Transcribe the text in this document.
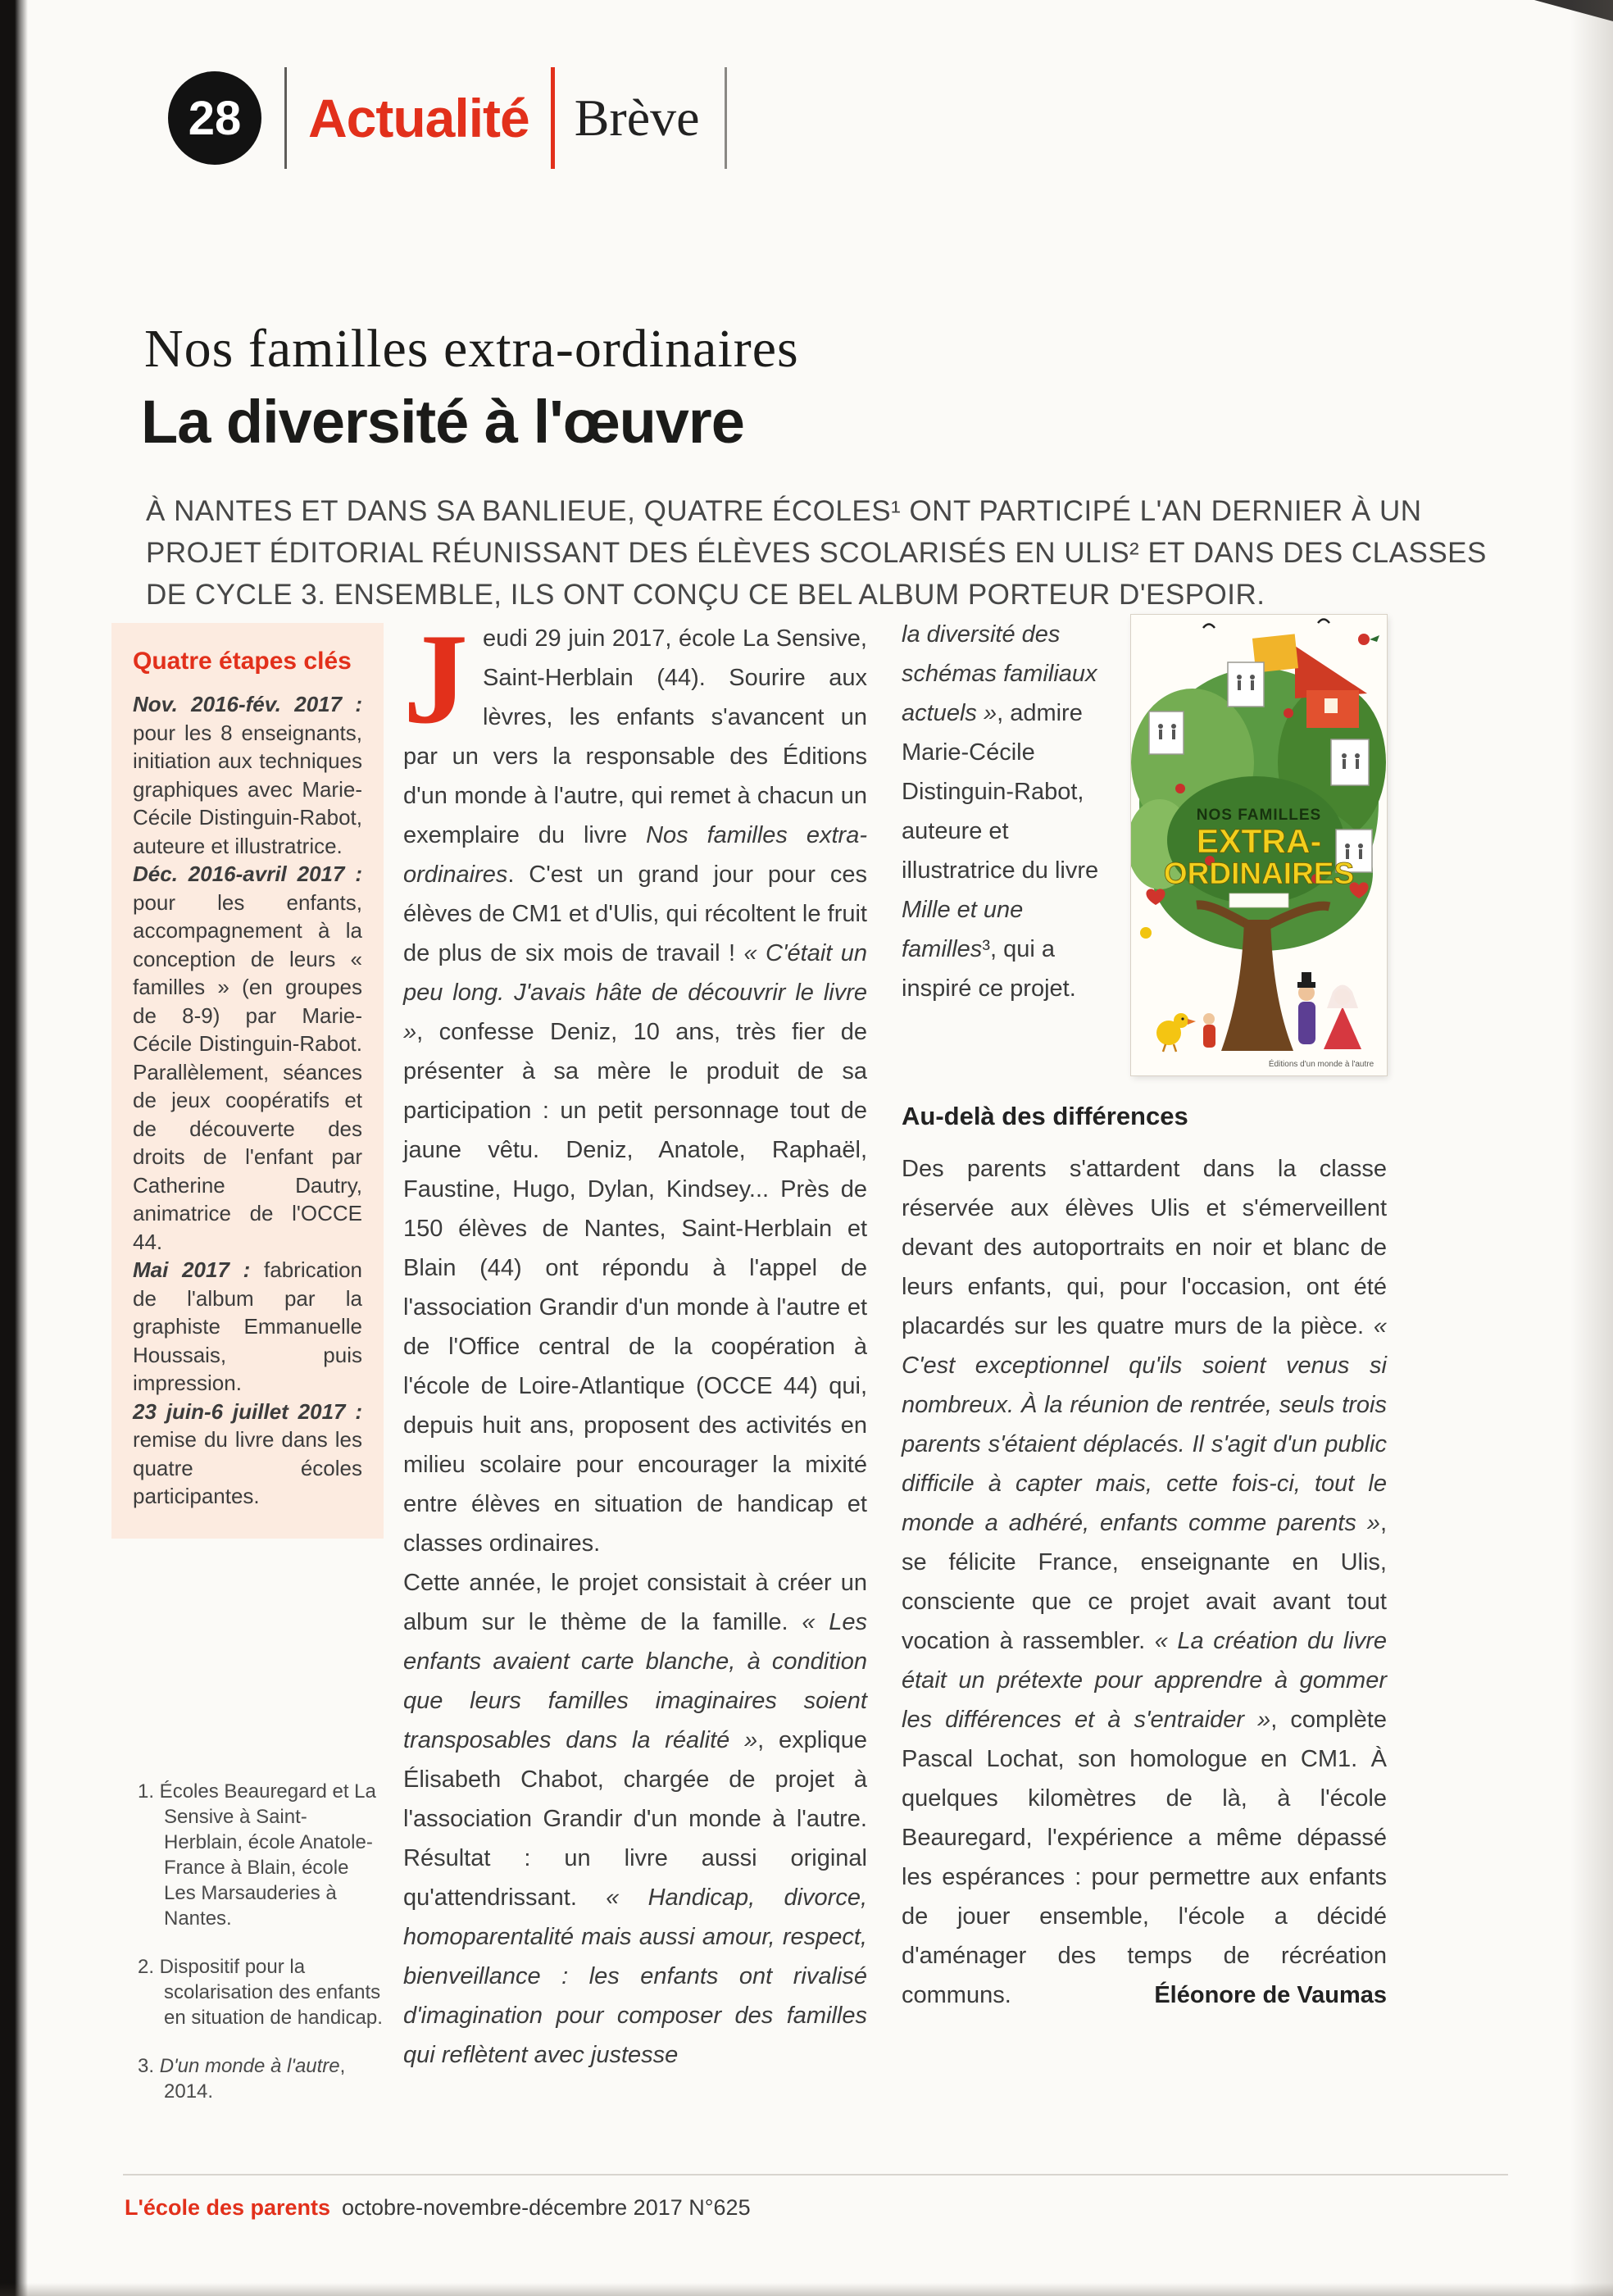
28 Actualité Brève
Nos familles extra-ordinaires
La diversité à l'œuvre

À NANTES ET DANS SA BANLIEUE, QUATRE ÉCOLES¹ ONT PARTICIPÉ L'AN DERNIER À UN PROJET ÉDITORIAL RÉUNISSANT DES ÉLÈVES SCOLARISÉS EN ULIS² ET DANS DES CLASSES DE CYCLE 3. ENSEMBLE, ILS ONT CONÇU CE BEL ALBUM PORTEUR D'ESPOIR.

Quatre étapes clés

Nov. 2016-fév. 2017 : pour les 8 enseignants, initiation aux techniques graphiques avec Marie-Cécile Distinguin-Rabot, auteure et illustratrice.

Déc. 2016-avril 2017 : pour les enfants, accompagnement à la conception de leurs « familles » (en groupes de 8-9) par Marie-Cécile Distinguin-Rabot. Parallèlement, séances de jeux coopératifs et de découverte des droits de l'enfant par Catherine Dautry, animatrice de l'OCCE 44.

Mai 2017 : fabrication de l'album par la graphiste Emmanuelle Houssais, puis impression.

23 juin-6 juillet 2017 : remise du livre dans les quatre écoles participantes.

1. Écoles Beauregard et La Sensive à Saint-Herblain, école Anatole-France à Blain, école Les Marsauderies à Nantes.

2. Dispositif pour la scolarisation des enfants en situation de handicap.

3. D'un monde à l'autre, 2014.

Jeudi 29 juin 2017, école La Sensive, Saint-Herblain (44). Sourire aux lèvres, les enfants s'avancent un par un vers la responsable des Éditions d'un monde à l'autre, qui remet à chacun un exemplaire du livre Nos familles extra-ordinaires. C'est un grand jour pour ces élèves de CM1 et d'Ulis, qui récoltent le fruit de plus de six mois de travail ! « C'était un peu long. J'avais hâte de découvrir le livre », confesse Deniz, 10 ans, très fier de présenter à sa mère le produit de sa participation : un petit personnage tout de jaune vêtu. Deniz, Anatole, Raphaël, Faustine, Hugo, Dylan, Kindsey... Près de 150 élèves de Nantes, Saint-Herblain et Blain (44) ont répondu à l'appel de l'association Grandir d'un monde à l'autre et de l'Office central de la coopération à l'école de Loire-Atlantique (OCCE 44) qui, depuis huit ans, proposent des activités en milieu scolaire pour encourager la mixité entre élèves en situation de handicap et classes ordinaires.

Cette année, le projet consistait à créer un album sur le thème de la famille. « Les enfants avaient carte blanche, à condition que leurs familles imaginaires soient transposables dans la réalité », explique Élisabeth Chabot, chargée de projet à l'association Grandir d'un monde à l'autre. Résultat : un livre aussi original qu'attendrissant. « Handicap, divorce, homoparentalité mais aussi amour, respect, bienveillance : les enfants ont rivalisé d'imagination pour composer des familles qui reflètent avec justesse

la diversité des schémas familiaux actuels », admire Marie-Cécile Distinguin-Rabot, auteure et illustratrice du livre Mille et une familles³, qui a inspiré ce projet.

NOS FAMILLES
EXTRA-
ORDINAIRES
Éditions d'un monde à l'autre
Au-delà des différences

Des parents s'attardent dans la classe réservée aux élèves Ulis et s'émerveillent devant des autoportraits en noir et blanc de leurs enfants, qui, pour l'occasion, ont été placardés sur les quatre murs de la pièce. « C'est exceptionnel qu'ils soient venus si nombreux. À la réunion de rentrée, seuls trois parents s'étaient déplacés. Il s'agit d'un public difficile à capter mais, cette fois-ci, tout le monde a adhéré, enfants comme parents », se félicite France, enseignante en Ulis, consciente que ce projet avait avant tout vocation à rassembler. « La création du livre était un prétexte pour apprendre à gommer les différences et à s'entraider », complète Pascal Lochat, son homologue en CM1. À quelques kilomètres de là, à l'école Beauregard, l'expérience a même dépassé les espérances : pour permettre aux enfants de jouer ensemble, l'école a décidé d'aménager des temps de récréation communs.	Éléonore de Vaumas
L'école des parents octobre-novembre-décembre 2017 N°625
